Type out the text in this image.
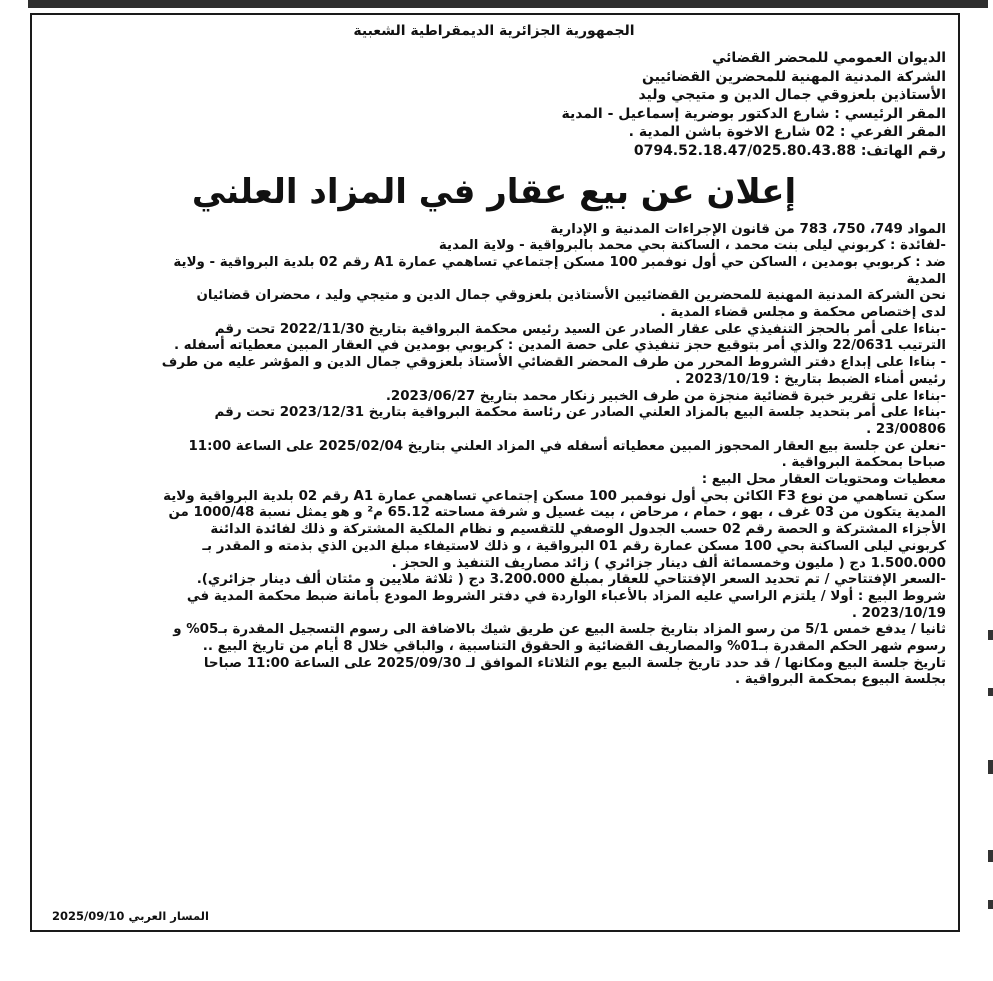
الجمهورية الجزائرية الديمقراطية الشعبية
الديوان العمومي للمحضر القضائي
الشركة المدنية المهنية للمحضرين القضائيين
الأستاذين بلعزوقي جمال الدين و متيجي وليد
المقر الرئيسي : شارع الدكتور بوضرية إسماعيل - المدية
المقر الفرعي : 02 شارع الاخوة باشن المدية .
رقم الهاتف: 0794.52.18.47/025.80.43.88
إعلان عن بيع عقار في المزاد العلني
المواد 749، 750، 783 من قانون الإجراءات المدنية و الإدارية
-لفائدة : كربوني ليلى بنت محمد ، الساكنة بحي محمد بالبرواقية - ولاية المدية
ضد : كربوبي بومدين ، الساكن حي أول نوفمبر 100 مسكن إجتماعي تساهمي عمارة A1 رقم 02 بلدية البرواقية - ولاية
المدية
نحن الشركة المدنية المهنية للمحضرين القضائيين الأستاذين بلعزوقي جمال الدين و متيجي وليد ، محضران قضائيان
لدى إختصاص محكمة و مجلس قضاء المدية .
-بناءا على أمر بالحجز التنفيذي على عقار الصادر عن السيد رئيس محكمة البرواقية بتاريخ 2022/11/30 تحت رقم
الترتيب 22/0631 والذي أمر بتوقيع حجز تنفيذي على حصة المدين : كربوبي بومدين في العقار المبين معطياته أسفله .
- بناءا على إبداع دفتر الشروط المحرر من طرف المحضر القضائي الأستاذ بلعزوقي جمال الدين و المؤشر عليه من طرف
رئيس أمناء الضبط بتاريخ : 2023/10/19 .
-بناءا على تقرير خبرة قضائية منجزة من طرف الخبير زنكار محمد بتاريخ 2023/06/27.
-بناءا على أمر بتحديد جلسة البيع بالمزاد العلني الصادر عن رئاسة محكمة البرواقية بتاريخ 2023/12/31 تحت رقم
23/00806 .
-نعلن عن جلسة بيع العقار المحجوز المبين معطياته أسفله في المزاد العلني بتاريخ 2025/02/04 على الساعة 11:00
صباحا بمحكمة البرواقية .
معطيات ومحتويات العقار محل البيع :
سكن تساهمي من نوع F3 الكائن بحي أول نوفمبر 100 مسكن إجتماعي تساهمي عمارة A1 رقم 02 بلدية البرواقية ولاية
المدية يتكون من 03 غرف ، بهو ، حمام ، مرحاض ، بيت غسيل و شرفة مساحته 65.12 م² و هو يمثل نسبة 1000/48 من
الأجزاء المشتركة و الحصة رقم 02 حسب الجدول الوصفي للتقسيم و نظام الملكية المشتركة و ذلك لفائدة الدائنة
كربوني ليلى الساكنة بحي 100 مسكن عمارة رقم 01 البرواقية ، و ذلك لاستيفاء مبلغ الدين الذي بذمته و المقدر بـ
1.500.000 دج ( مليون وخمسمائة ألف دينار جزائري ) زائد مصاريف التنفيذ و الحجز .
-السعر الإفتتاحي / تم تحديد السعر الإفتتاحي للعقار بمبلغ 3.200.000 دج ( ثلاثة ملايين و مئتان ألف دينار جزائري).
شروط البيع : أولا / يلتزم الراسي عليه المزاد بالأعباء الواردة في دفتر الشروط المودع بأمانة ضبط محكمة المدية في
2023/10/19 .
ثانيا / يدفع خمس 5/1 من رسو المزاد بتاريخ جلسة البيع عن طريق شيك بالاضافة الى رسوم التسجيل المقدرة بـ05% و
رسوم شهر الحكم المقدرة بـ01% والمصاريف القضائية و الحقوق التناسبية ، والباقي خلال 8 أيام من تاريخ البيع ..
تاريخ جلسة البيع ومكانها / قد حدد تاريخ جلسة البيع يوم الثلاثاء الموافق لـ 2025/09/30 على الساعة 11:00 صباحا
بجلسة البيوع بمحكمة البرواقية .
المسار العربي 2025/09/10
